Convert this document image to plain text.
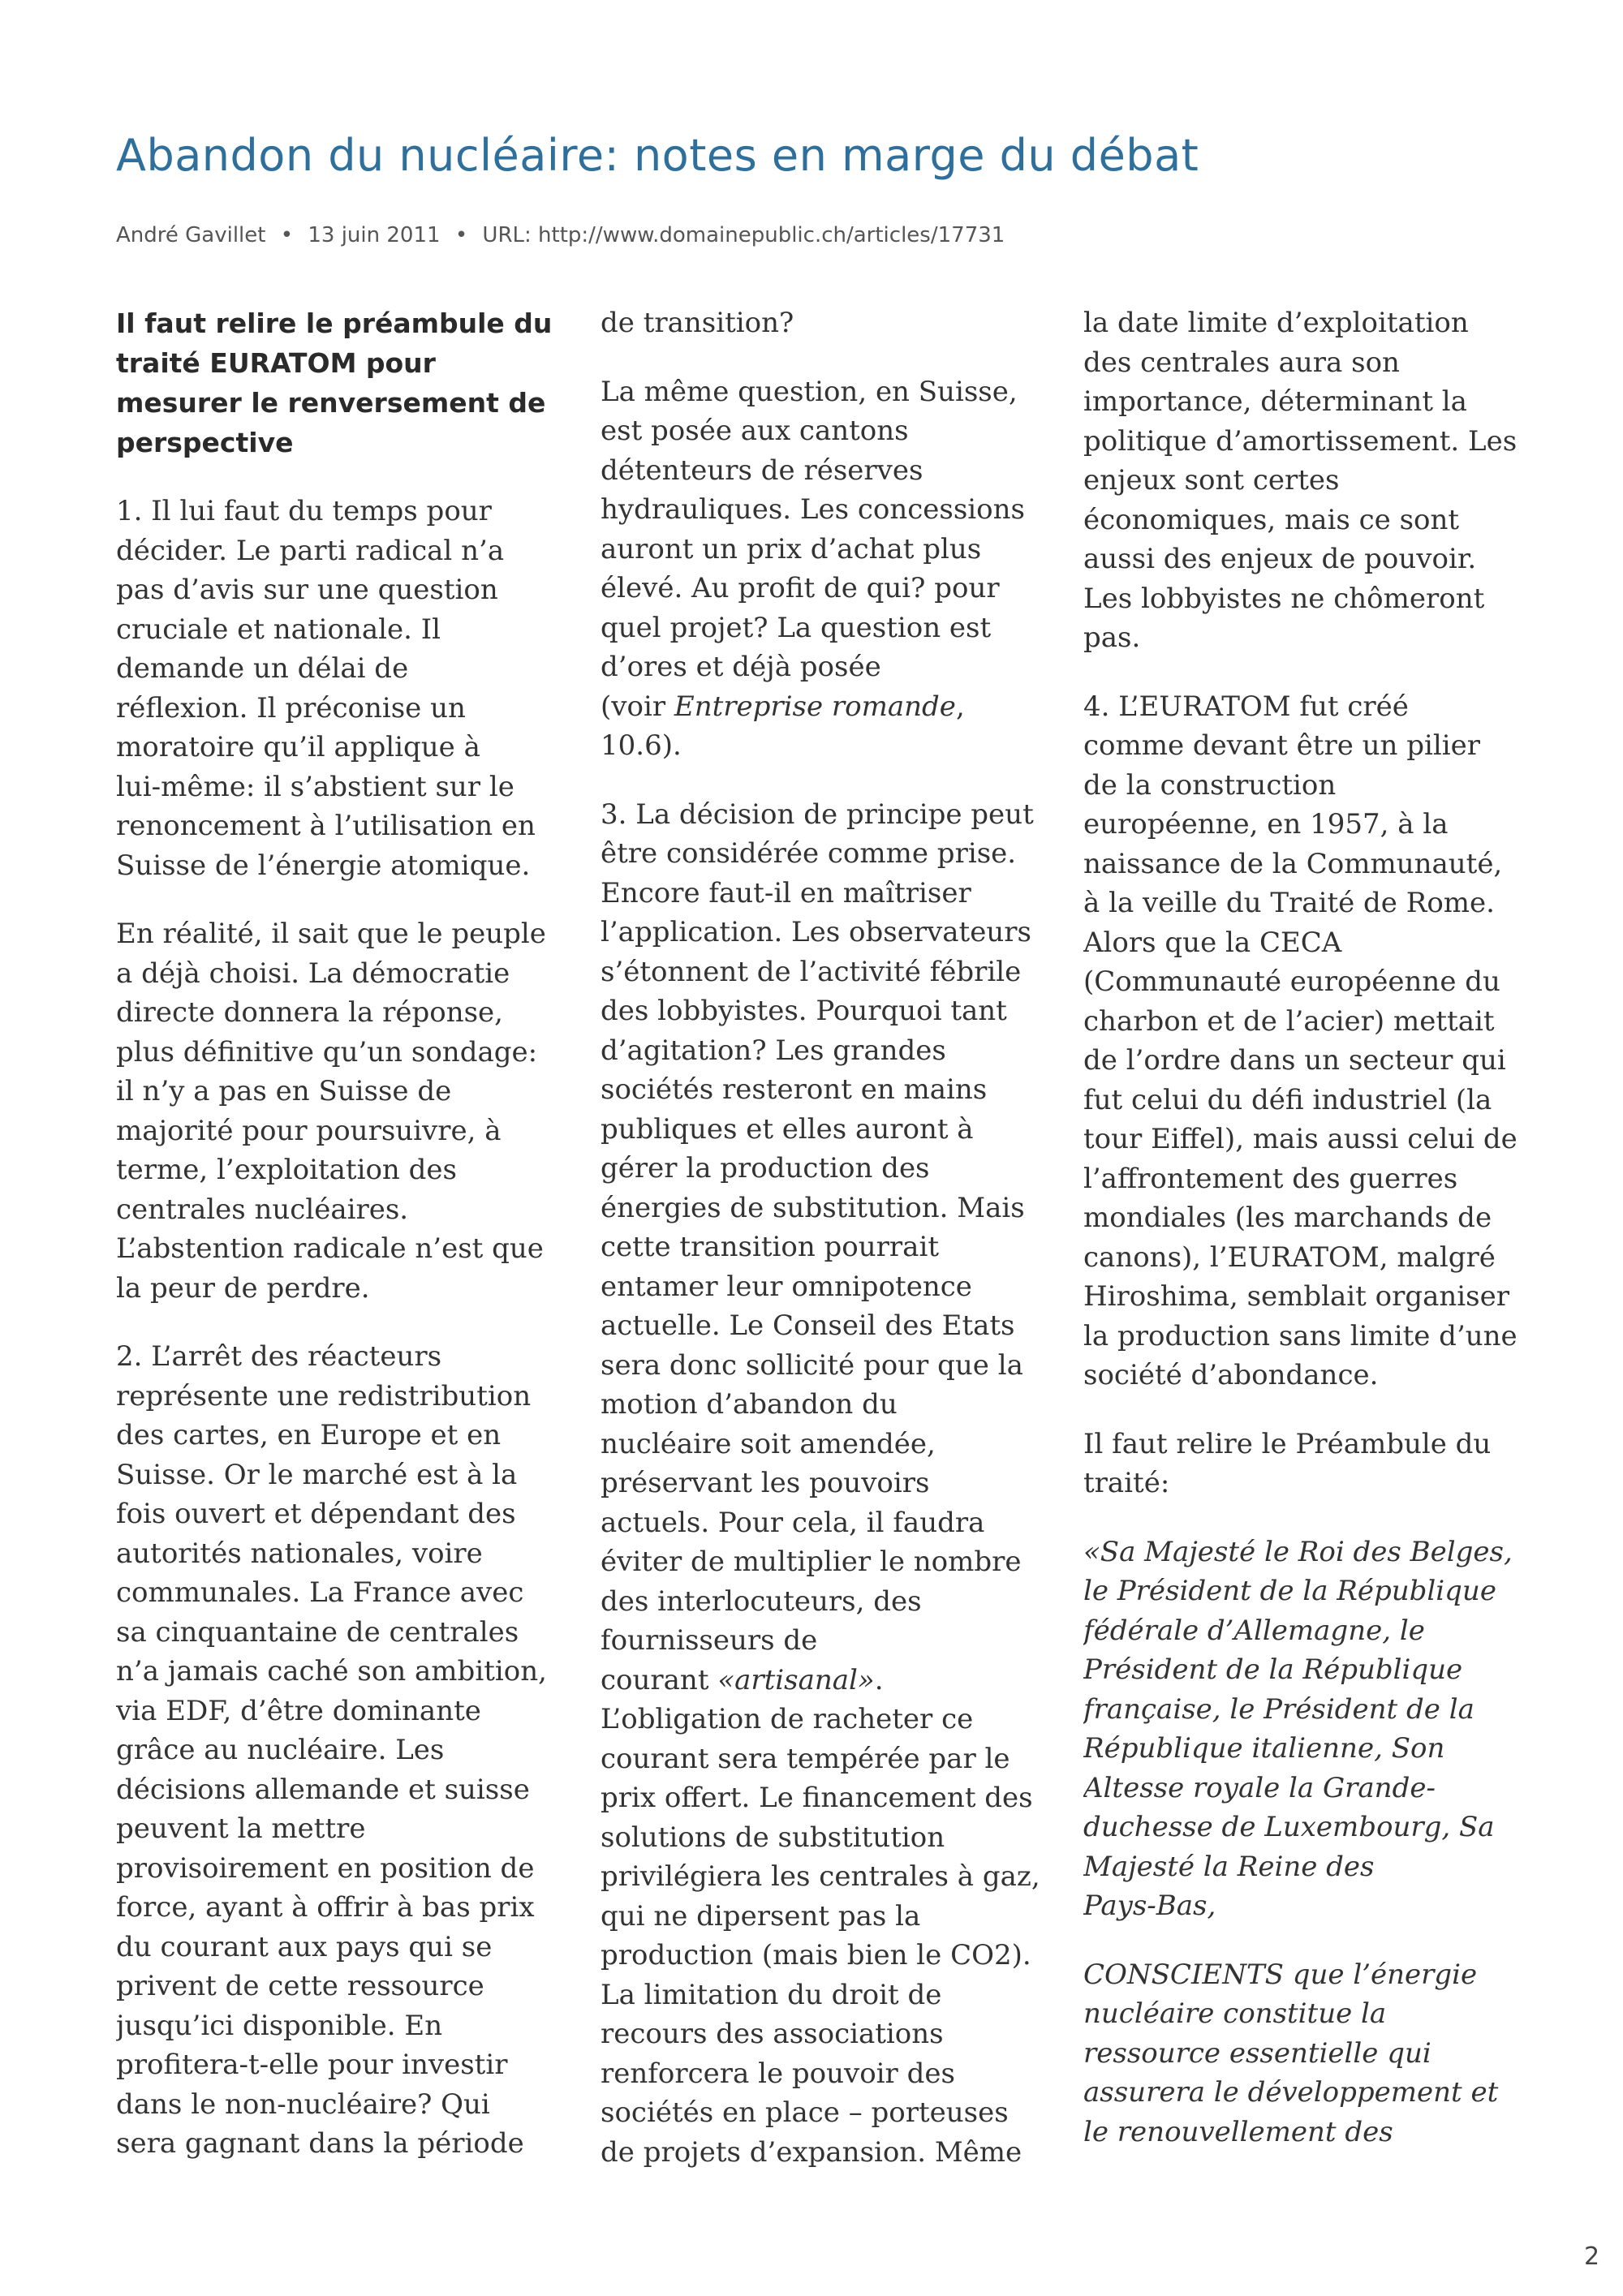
Abandon du nucléaire: notes en marge du débat
André Gavillet • 13 juin 2011 • URL: http://www.domainepublic.ch/articles/17731
Il faut relire le préambule du
traité EURATOM pour
mesurer le renversement de
perspective
1. Il lui faut du temps pour
décider. Le parti radical n’a
pas d’avis sur une question
cruciale et nationale. Il
demande un délai de
réflexion. Il préconise un
moratoire qu’il applique à
lui-même: il s’abstient sur le
renoncement à l’utilisation en
Suisse de l’énergie atomique.
En réalité, il sait que le peuple
a déjà choisi. La démocratie
directe donnera la réponse,
plus définitive qu’un sondage:
il n’y a pas en Suisse de
majorité pour poursuivre, à
terme, l’exploitation des
centrales nucléaires.
L’abstention radicale n’est que
la peur de perdre.
2. L’arrêt des réacteurs
représente une redistribution
des cartes, en Europe et en
Suisse. Or le marché est à la
fois ouvert et dépendant des
autorités nationales, voire
communales. La France avec
sa cinquantaine de centrales
n’a jamais caché son ambition,
via EDF, d’être dominante
grâce au nucléaire. Les
décisions allemande et suisse
peuvent la mettre
provisoirement en position de
force, ayant à offrir à bas prix
du courant aux pays qui se
privent de cette ressource
jusqu’ici disponible. En
profitera-t-elle pour investir
dans le non-nucléaire? Qui
sera gagnant dans la période
de transition?
La même question, en Suisse,
est posée aux cantons
détenteurs de réserves
hydrauliques. Les concessions
auront un prix d’achat plus
élevé. Au profit de qui? pour
quel projet? La question est
d’ores et déjà posée
(voir Entreprise romande,
10.6).
3. La décision de principe peut
être considérée comme prise.
Encore faut-il en maîtriser
l’application. Les observateurs
s’étonnent de l’activité fébrile
des lobbyistes. Pourquoi tant
d’agitation? Les grandes
sociétés resteront en mains
publiques et elles auront à
gérer la production des
énergies de substitution. Mais
cette transition pourrait
entamer leur omnipotence
actuelle. Le Conseil des Etats
sera donc sollicité pour que la
motion d’abandon du
nucléaire soit amendée,
préservant les pouvoirs
actuels. Pour cela, il faudra
éviter de multiplier le nombre
des interlocuteurs, des
fournisseurs de
courant «artisanal».
L’obligation de racheter ce
courant sera tempérée par le
prix offert. Le financement des
solutions de substitution
privilégiera les centrales à gaz,
qui ne dipersent pas la
production (mais bien le CO2).
La limitation du droit de
recours des associations
renforcera le pouvoir des
sociétés en place – porteuses
de projets d’expansion. Même
la date limite d’exploitation
des centrales aura son
importance, déterminant la
politique d’amortissement. Les
enjeux sont certes
économiques, mais ce sont
aussi des enjeux de pouvoir.
Les lobbyistes ne chômeront
pas.
4. L’EURATOM fut créé
comme devant être un pilier
de la construction
européenne, en 1957, à la
naissance de la Communauté,
à la veille du Traité de Rome.
Alors que la CECA
(Communauté européenne du
charbon et de l’acier) mettait
de l’ordre dans un secteur qui
fut celui du défi industriel (la
tour Eiffel), mais aussi celui de
l’affrontement des guerres
mondiales (les marchands de
canons), l’EURATOM, malgré
Hiroshima, semblait organiser
la production sans limite d’une
société d’abondance.
Il faut relire le Préambule du
traité:
«Sa Majesté le Roi des Belges,
le Président de la République
fédérale d’Allemagne, le
Président de la République
française, le Président de la
République italienne, Son
Altesse royale la Grande-
duchesse de Luxembourg, Sa
Majesté la Reine des
Pays-Bas,
CONSCIENTS que l’énergie
nucléaire constitue la
ressource essentielle qui
assurera le développement et
le renouvellement des
2
